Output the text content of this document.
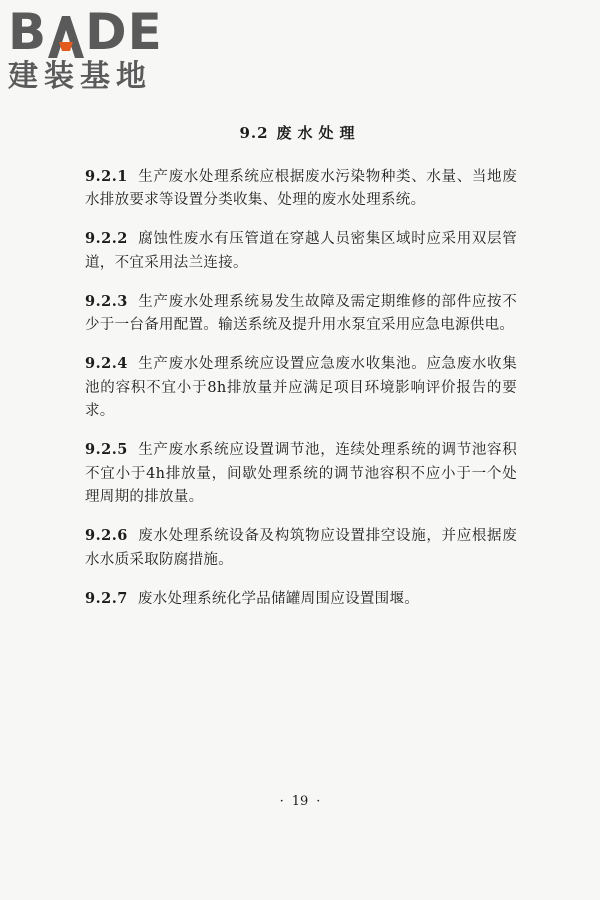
B DE
建装基地
9.2 废水处理

9.2.1 生产废水处理系统应根据废水污染物种类、水量、当地废水排放要求等设置分类收集、处理的废水处理系统。

9.2.2 腐蚀性废水有压管道在穿越人员密集区域时应采用双层管道，不宜采用法兰连接。

9.2.3 生产废水处理系统易发生故障及需定期维修的部件应按不少于一台备用配置。输送系统及提升用水泵宜采用应急电源供电。

9.2.4 生产废水处理系统应设置应急废水收集池。应急废水收集池的容积不宜小于8h排放量并应满足项目环境影响评价报告的要求。

9.2.5 生产废水系统应设置调节池，连续处理系统的调节池容积不宜小于4h排放量，间歇处理系统的调节池容积不应小于一个处理周期的排放量。

9.2.6 废水处理系统设备及构筑物应设置排空设施，并应根据废水水质采取防腐措施。

9.2.7 废水处理系统化学品储罐周围应设置围堰。

· 19 ·
